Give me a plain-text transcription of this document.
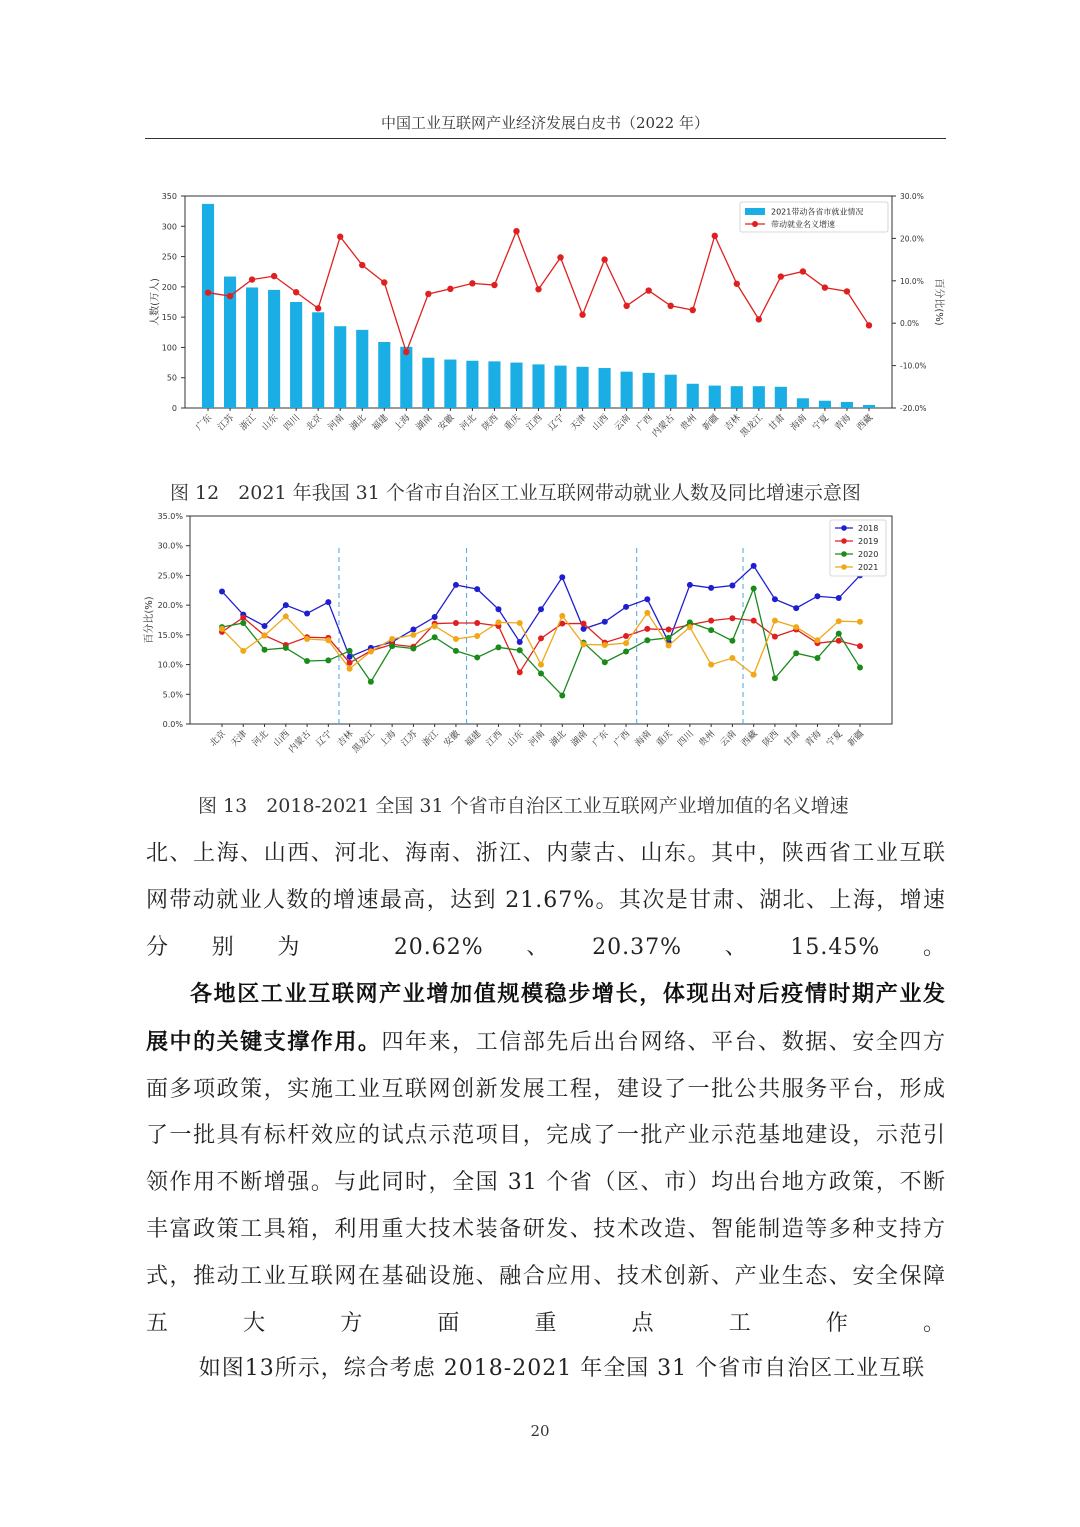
中国工业互联网产业经济发展白皮书（2022 年）
0
50
100
150
200
250
300
350
-20.0%
-10.0%
0.0%
10.0%
20.0%
30.0%
人数(万人)	百分比(%)
广东 江苏 浙江 山东 四川 北京 河南 湖北 福建 上海 湖南 安徽 河北 陕西 重庆 江西 辽宁 天津 山西 云南 广西
内蒙古 贵州 新疆 吉林
黑龙江 甘肃 海南 宁夏 青海 西藏
2021带动各省市就业情况
带动就业名义增速
图 12　2021 年我国 31 个省市自治区工业互联网带动就业人数及同比增速示意图
0.0%
5.0%
10.0%
15.0%
20.0%
25.0%
30.0%
35.0%
百分比(%)
北京 天津 河北 山西
内蒙古 辽宁 吉林
黑龙江 上海 江苏 浙江 安徽 福建 江西 山东 河南 湖北 湖南 广东 广西 海南 重庆 四川 贵州 云南 西藏 陕西 甘肃 青海 宁夏 新疆
2018
2019
2020
2021
图 13　2018-2021 全国 31 个省市自治区工业互联网产业增加值的名义增速

北、上海、山西、河北、海南、浙江、内蒙古、山东。其中，陕西省工业互联网带动就业人数的增速最高，达到 21.67%。其次是甘肃、湖北、上海，增速分别为 20.62%、20.37%、15.45%。

各地区工业互联网产业增加值规模稳步增长，体现出对后疫情时期产业发展中的关键支撑作用。四年来，工信部先后出台网络、平台、数据、安全四方面多项政策，实施工业互联网创新发展工程，建设了一批公共服务平台，形成了一批具有标杆效应的试点示范项目，完成了一批产业示范基地建设，示范引领作用不断增强。与此同时，全国 31 个省（区、市）均出台地方政策，不断丰富政策工具箱，利用重大技术装备研发、技术改造、智能制造等多种支持方式，推动工业互联网在基础设施、融合应用、技术创新、产业生态、安全保障五大方面重点工作。

如图13所示，综合考虑 2018-2021 年全国 31 个省市自治区工业互联

20
